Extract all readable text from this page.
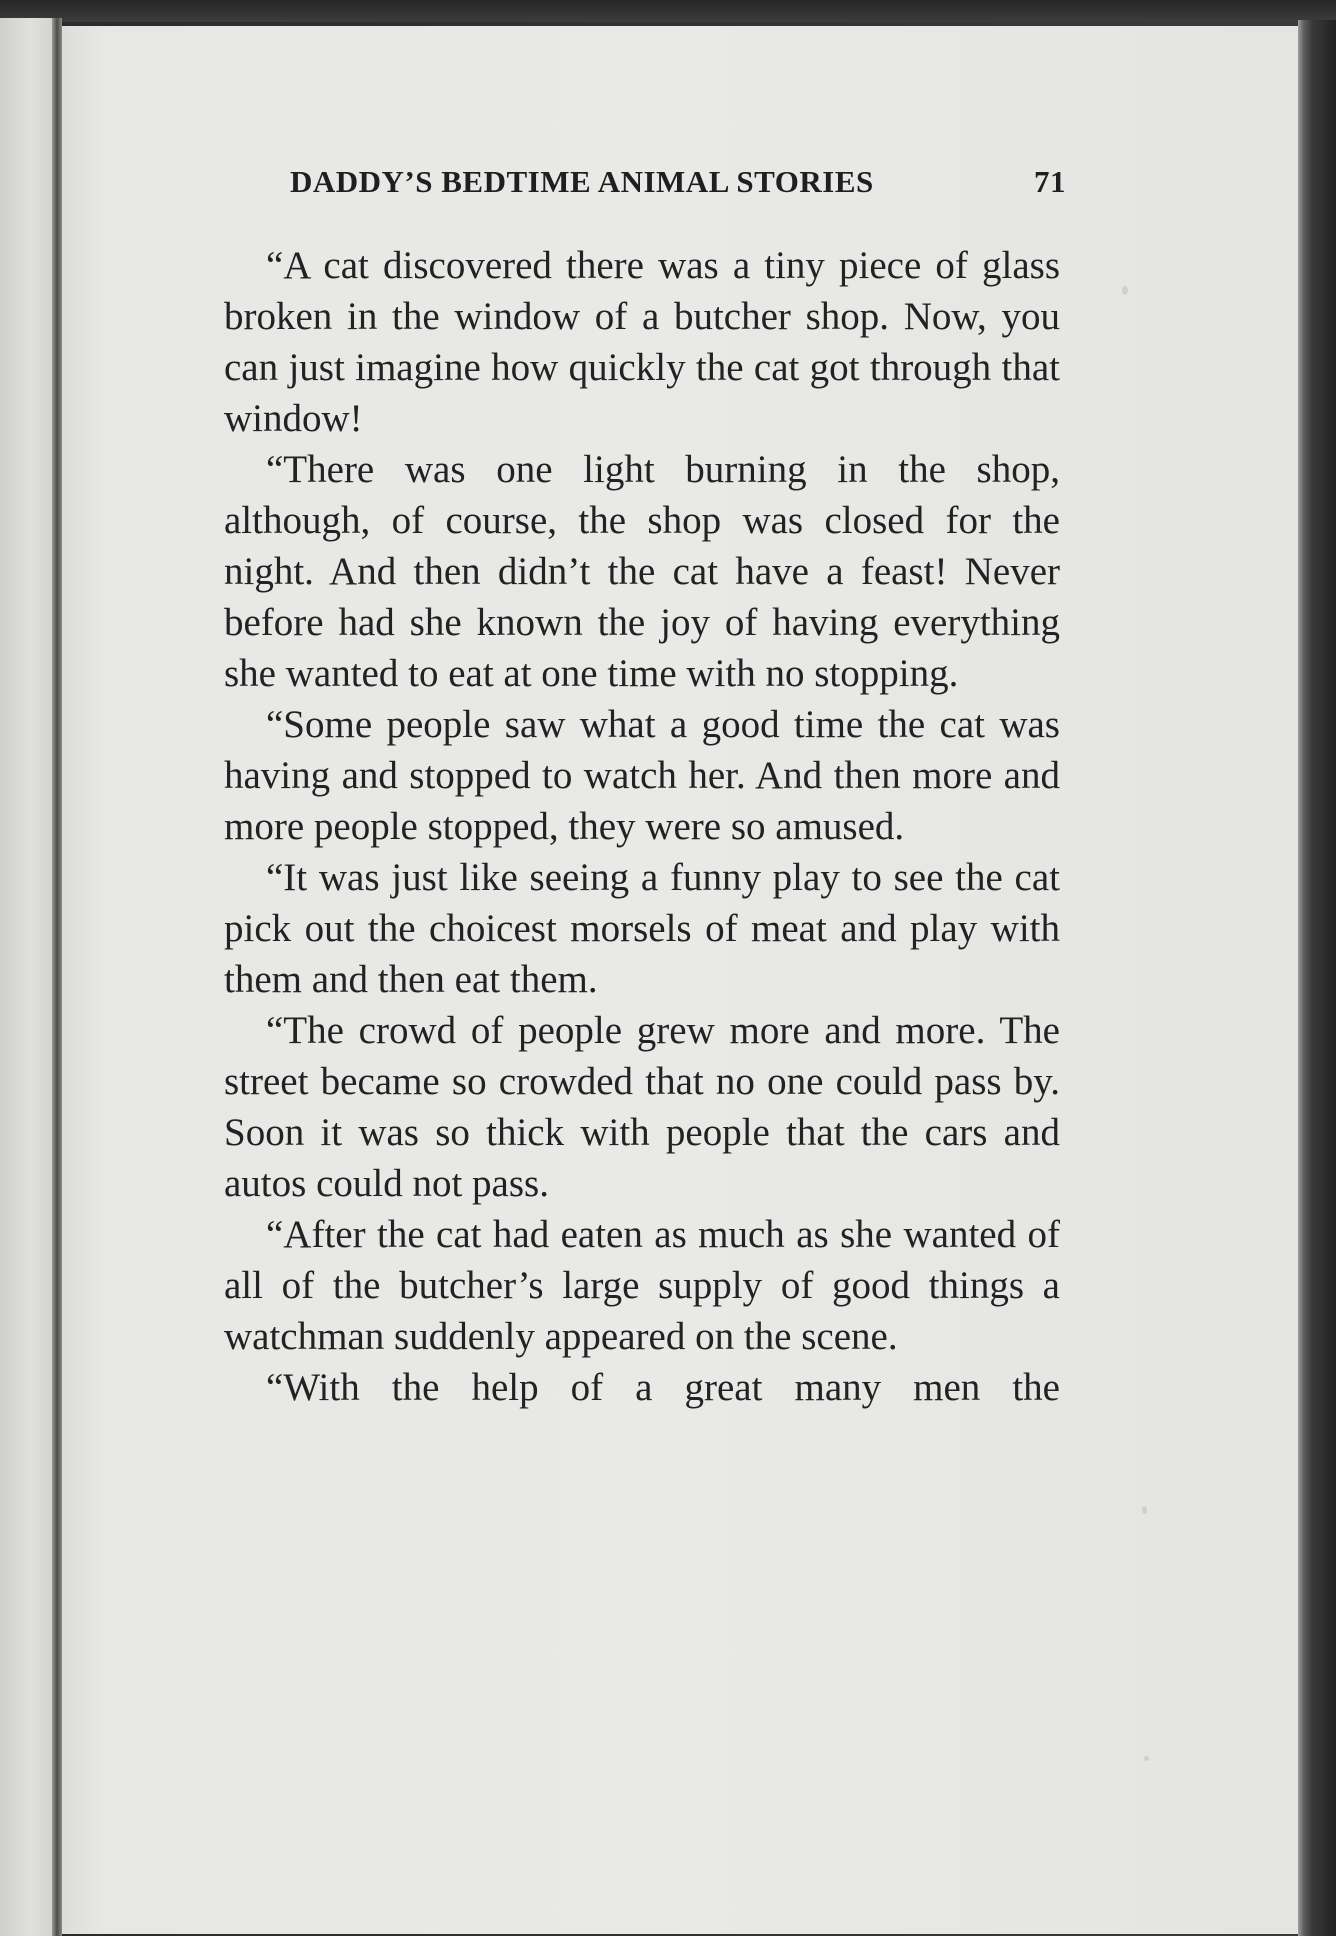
DADDY’S BEDTIME ANIMAL STORIES	71

“A cat discovered there was a tiny piece of glass broken in the window of a butcher shop. Now, you can just imagine how quickly the cat got through that window!

“There was one light burning in the shop, although, of course, the shop was closed for the night. And then didn’t the cat have a feast! Never before had she known the joy of having everything she wanted to eat at one time with no stopping.

“Some people saw what a good time the cat was having and stopped to watch her. And then more and more people stopped, they were so amused.

“It was just like seeing a funny play to see the cat pick out the choicest morsels of meat and play with them and then eat them.

“The crowd of people grew more and more. The street became so crowded that no one could pass by. Soon it was so thick with people that the cars and autos could not pass.

“After the cat had eaten as much as she wanted of all of the butcher’s large supply of good things a watchman suddenly appeared on the scene.

“With the help of a great many men the
